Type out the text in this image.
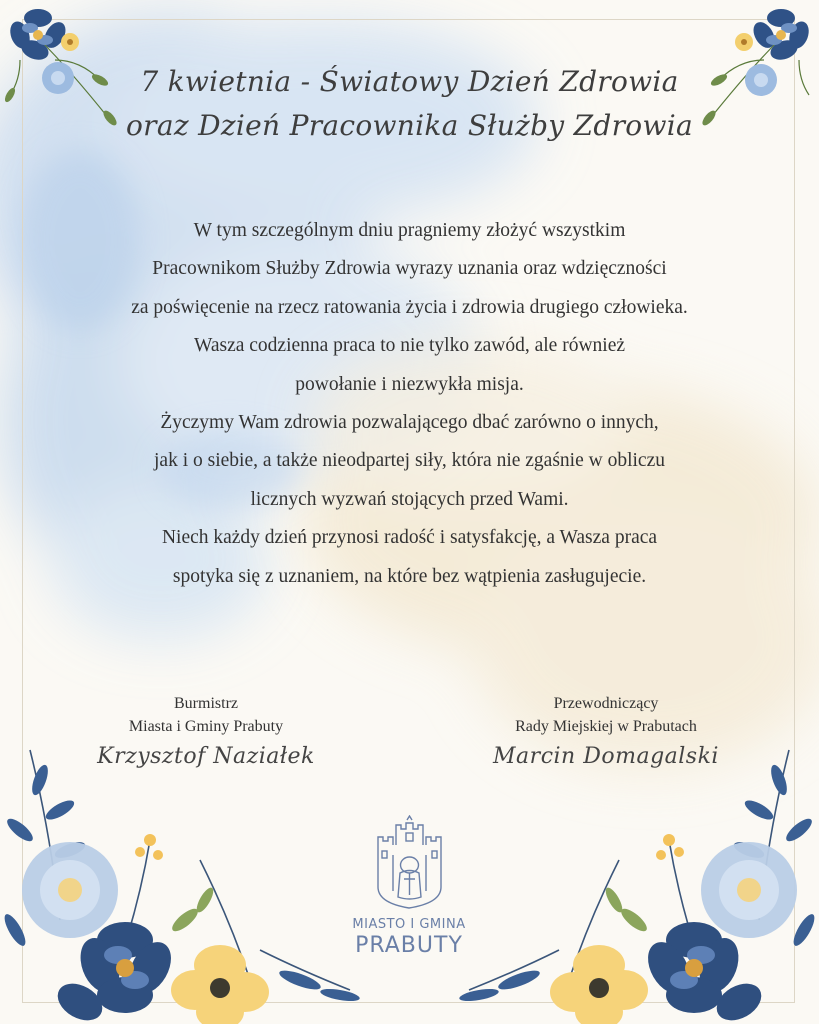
7 kwietnia - Światowy Dzień Zdrowia
oraz Dzień Pracownika Służby Zdrowia
W tym szczególnym dniu pragniemy złożyć wszystkim
Pracownikom Służby Zdrowia wyrazy uznania oraz wdzięczności
za poświęcenie na rzecz ratowania życia i zdrowia drugiego człowieka.
Wasza codzienna praca to nie tylko zawód, ale również
powołanie i niezwykła misja.
Życzymy Wam zdrowia pozwalającego dbać zarówno o innych,
jak i o siebie, a także nieodpartej siły, która nie zgaśnie w obliczu
licznych wyzwań stojących przed Wami.
Niech każdy dzień przynosi radość i satysfakcję, a Wasza praca
spotyka się z uznaniem, na które bez wątpienia zasługujecie.
Burmistrz
Miasta i Gminy Prabuty
Krzysztof Naziałek
Przewodniczący
Rady Miejskiej w Prabutach
Marcin Domagalski
MIASTO I GMINA
PRABUTY
